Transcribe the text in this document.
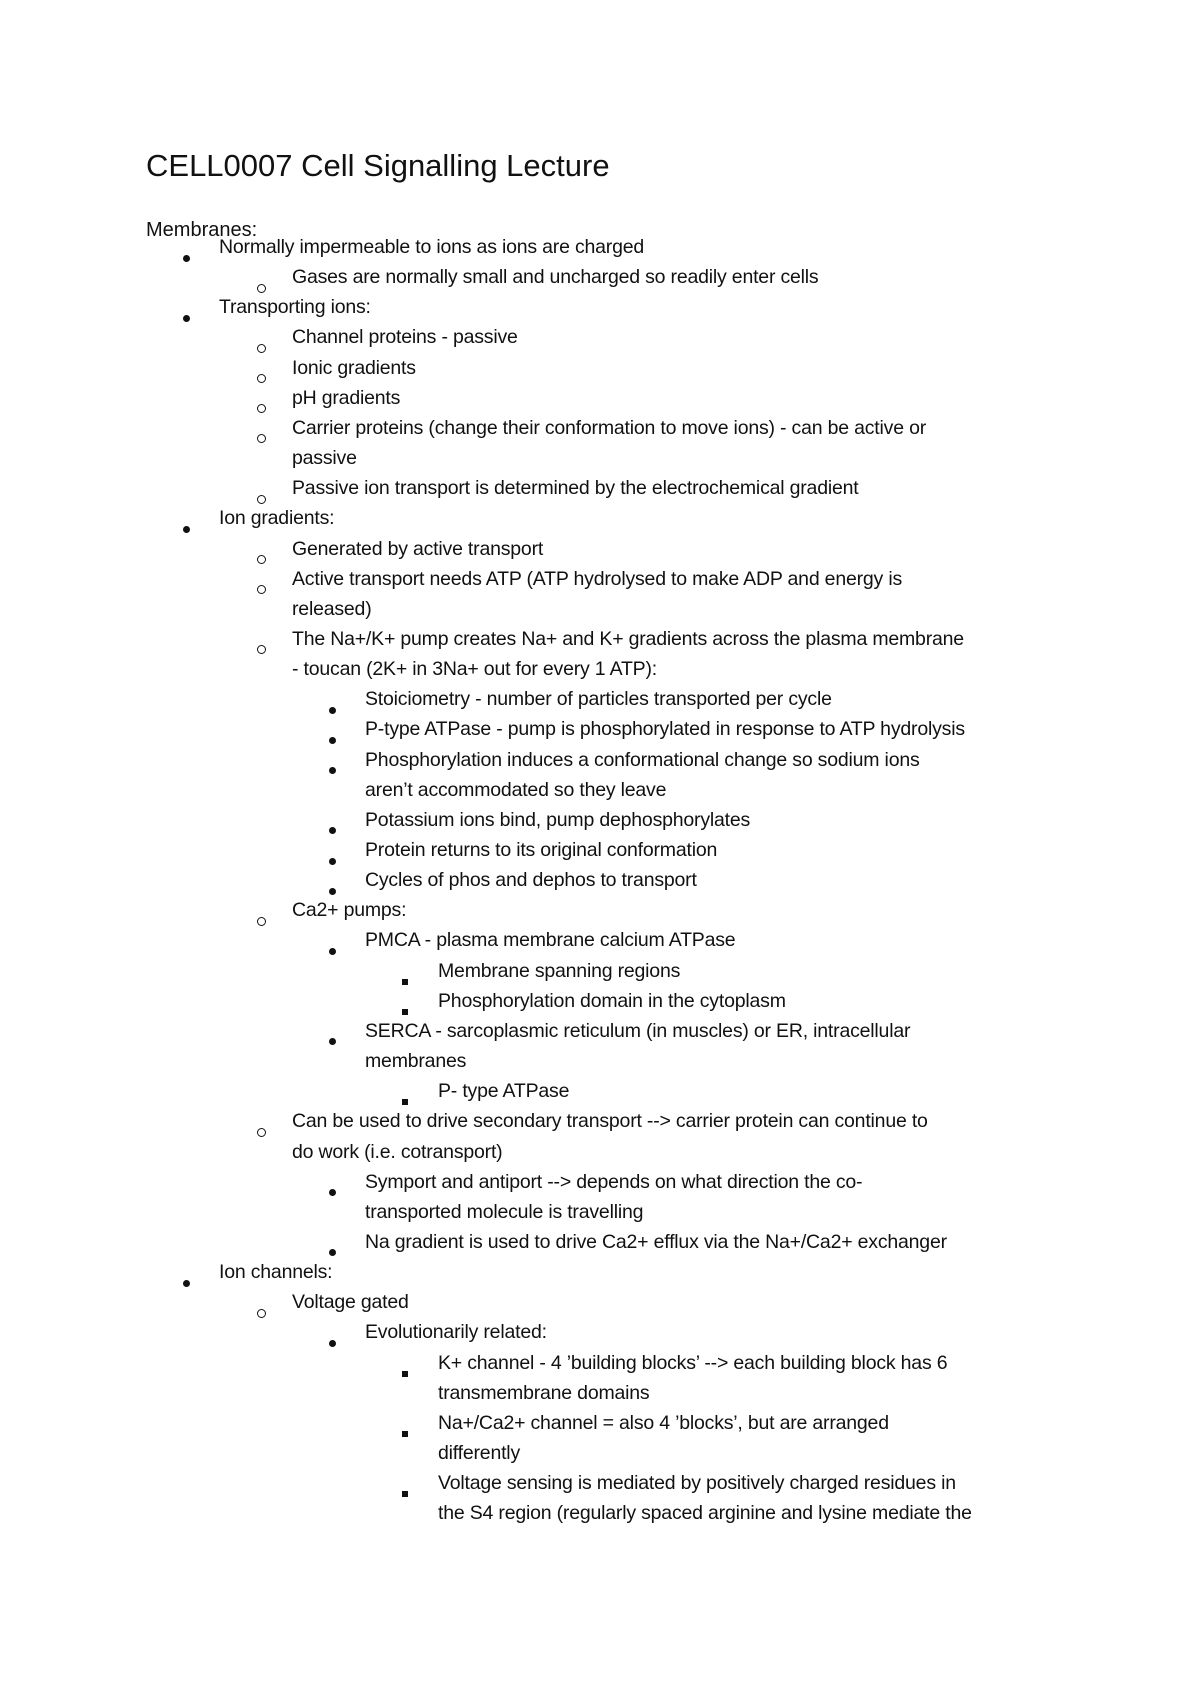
CELL0007 Cell Signalling Lecture
Membranes:
Normally impermeable to ions as ions are charged
Gases are normally small and uncharged so readily enter cells
Transporting ions:
Channel proteins - passive
Ionic gradients
pH gradients
Carrier proteins (change their conformation to move ions) - can be active or
passive
Passive ion transport is determined by the electrochemical gradient
Ion gradients:
Generated by active transport
Active transport needs ATP (ATP hydrolysed to make ADP and energy is
released)
The Na+/K+ pump creates Na+ and K+ gradients across the plasma membrane
- toucan (2K+ in 3Na+ out for every 1 ATP):
Stoiciometry - number of particles transported per cycle
P-type ATPase - pump is phosphorylated in response to ATP hydrolysis
Phosphorylation induces a conformational change so sodium ions
aren’t accommodated so they leave
Potassium ions bind, pump dephosphorylates
Protein returns to its original conformation
Cycles of phos and dephos to transport
Ca2+ pumps:
PMCA - plasma membrane calcium ATPase
Membrane spanning regions
Phosphorylation domain in the cytoplasm
SERCA - sarcoplasmic reticulum (in muscles) or ER, intracellular
membranes
P- type ATPase
Can be used to drive secondary transport --> carrier protein can continue to
do work (i.e. cotransport)
Symport and antiport --> depends on what direction the co-
transported molecule is travelling
Na gradient is used to drive Ca2+ efflux via the Na+/Ca2+ exchanger
Ion channels:
Voltage gated
Evolutionarily related:
K+ channel - 4 ’building blocks’ --> each building block has 6
transmembrane domains
Na+/Ca2+ channel = also 4 ’blocks’, but are arranged
differently
Voltage sensing is mediated by positively charged residues in
the S4 region (regularly spaced arginine and lysine mediate the
